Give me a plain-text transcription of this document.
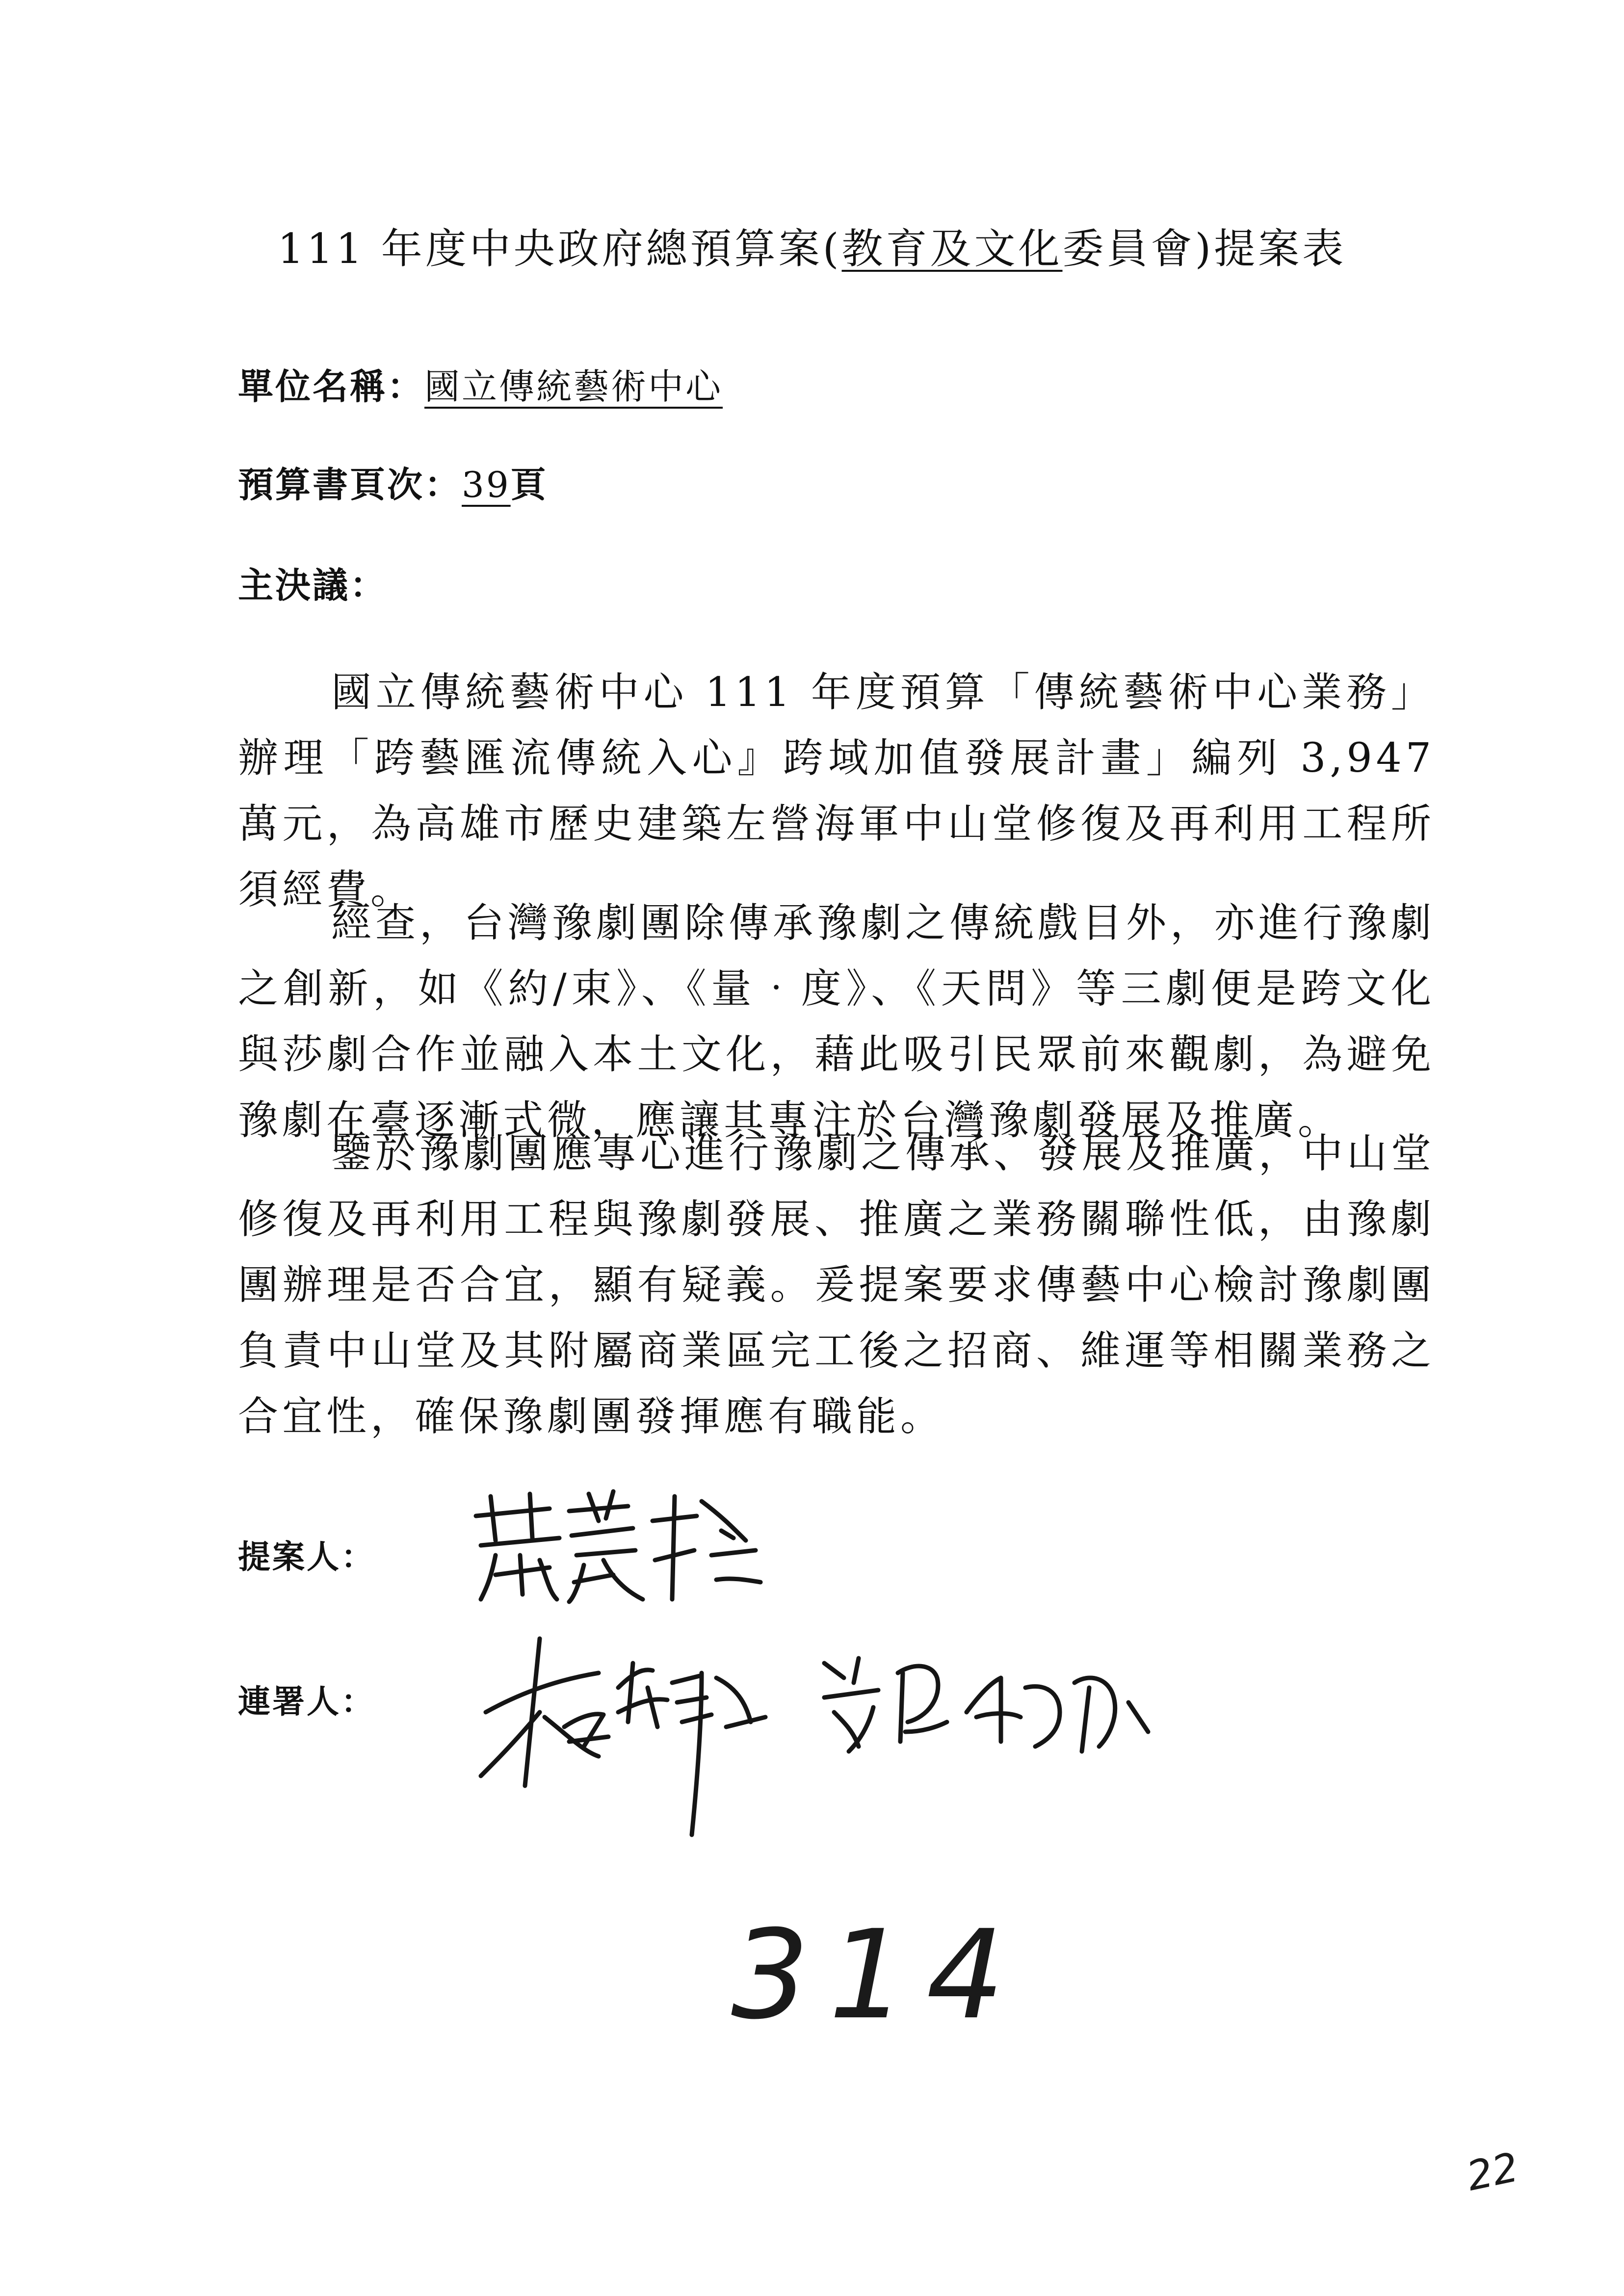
111 年度中央政府總預算案(教育及文化委員會)提案表
單位名稱：國立傳統藝術中心
預算書頁次：39頁
主決議：

國立傳統藝術中心 111 年度預算「傳統藝術中心業務」辦理「跨藝匯流傳統入心』跨域加值發展計畫」編列 3,947 萬元，為高雄市歷史建築左營海軍中山堂修復及再利用工程所須經費。

經查，台灣豫劇團除傳承豫劇之傳統戲目外，亦進行豫劇之創新，如《約/束》、《量‧度》、《天問》等三劇便是跨文化與莎劇合作並融入本土文化，藉此吸引民眾前來觀劇，為避免豫劇在臺逐漸式微，應讓其專注於台灣豫劇發展及推廣。

鑒於豫劇團應專心進行豫劇之傳承、發展及推廣，中山堂修復及再利用工程與豫劇發展、推廣之業務關聯性低，由豫劇團辦理是否合宜，顯有疑義。爰提案要求傳藝中心檢討豫劇團負責中山堂及其附屬商業區完工後之招商、維運等相關業務之合宜性，確保豫劇團發揮應有職能。

提案人：
連署人：
314
22
